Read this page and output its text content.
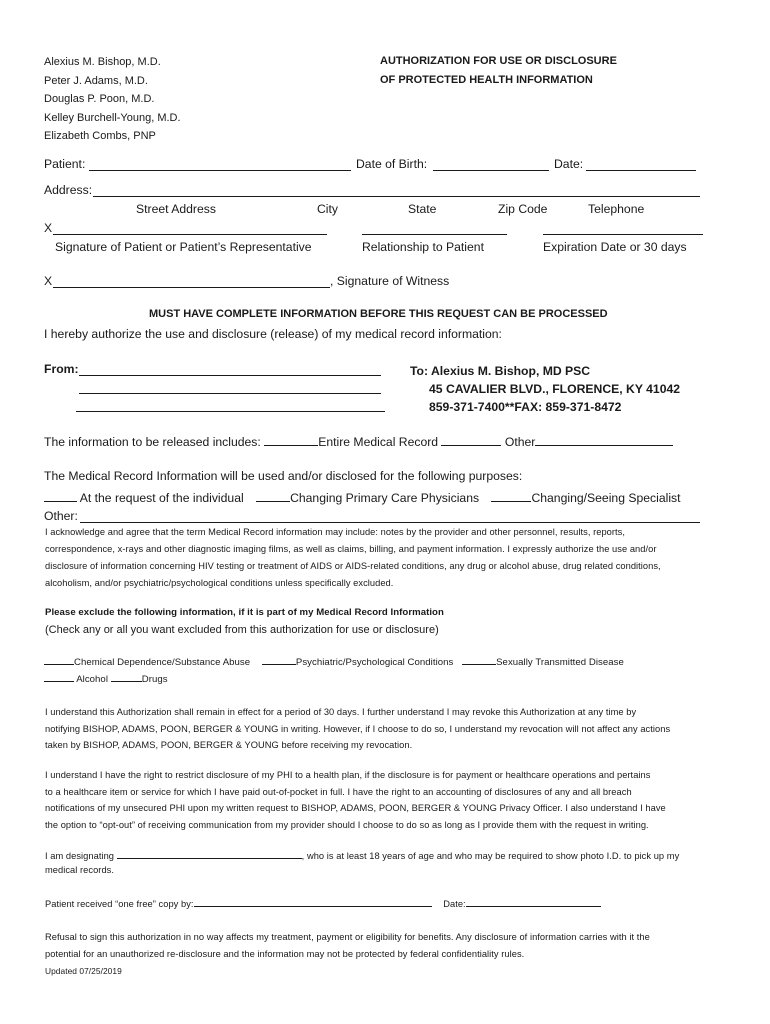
Alexius M. Bishop, M.D.
Peter J. Adams, M.D.
Douglas P. Poon, M.D.
Kelley Burchell-Young, M.D.
Elizabeth Combs, PNP
AUTHORIZATION FOR USE OR DISCLOSURE
OF PROTECTED HEALTH INFORMATION
Patient:	Date of Birth:	Date:
Address:
Street Address	City	State	Zip Code	Telephone
X
Signature of Patient or Patient’s Representative	Relationship to Patient	Expiration Date or 30 days
X	, Signature of Witness
MUST HAVE COMPLETE INFORMATION BEFORE THIS REQUEST CAN BE PROCESSED
I hereby authorize the use and disclosure (release) of my medical record information:
From:	To: Alexius M. Bishop, MD PSC
45 CAVALIER BLVD., FLORENCE, KY 41042
859-371-7400**FAX: 859-371-8472
The information to be released includes:	Entire Medical Record	Other
The Medical Record Information will be used and/or disclosed for the following purposes:
At the request of the individual	Changing Primary Care Physicians	Changing/Seeing Specialist
Other:
I acknowledge and agree that the term Medical Record information may include: notes by the provider and other personnel, results, reports,
correspondence, x-rays and other diagnostic imaging films, as well as claims, billing, and payment information. I expressly authorize the use and/or
disclosure of information concerning HIV testing or treatment of AIDS or AIDS-related conditions, any drug or alcohol abuse, drug related conditions,
alcoholism, and/or psychiatric/psychological conditions unless specifically excluded.
Please exclude the following information, if it is part of my Medical Record Information
(Check any or all you want excluded from this authorization for use or disclosure)
Chemical Dependence/Substance Abuse	Psychiatric/Psychological Conditions	Sexually Transmitted Disease
Alcohol	Drugs
I understand this Authorization shall remain in effect for a period of 30 days. I further understand I may revoke this Authorization at any time by
notifying BISHOP, ADAMS, POON, BERGER & YOUNG in writing. However, if I choose to do so, I understand my revocation will not affect any actions
taken by BISHOP, ADAMS, POON, BERGER & YOUNG before receiving my revocation.
I understand I have the right to restrict disclosure of my PHI to a health plan, if the disclosure is for payment or healthcare operations and pertains
to a healthcare item or service for which I have paid out-of-pocket in full. I have the right to an accounting of disclosures of any and all breach
notifications of my unsecured PHI upon my written request to BISHOP, ADAMS, POON, BERGER & YOUNG Privacy Officer. I also understand I have
the option to “opt-out” of receiving communication from my provider should I choose to do so as long as I provide them with the request in writing.
I am designating	, who is at least 18 years of age and who may be required to show photo I.D. to pick up my
medical records.
Patient received “one free” copy by:	Date:
Refusal to sign this authorization in no way affects my treatment, payment or eligibility for benefits. Any disclosure of information carries with it the
potential for an unauthorized re-disclosure and the information may not be protected by federal confidentiality rules.
Updated 07/25/2019
